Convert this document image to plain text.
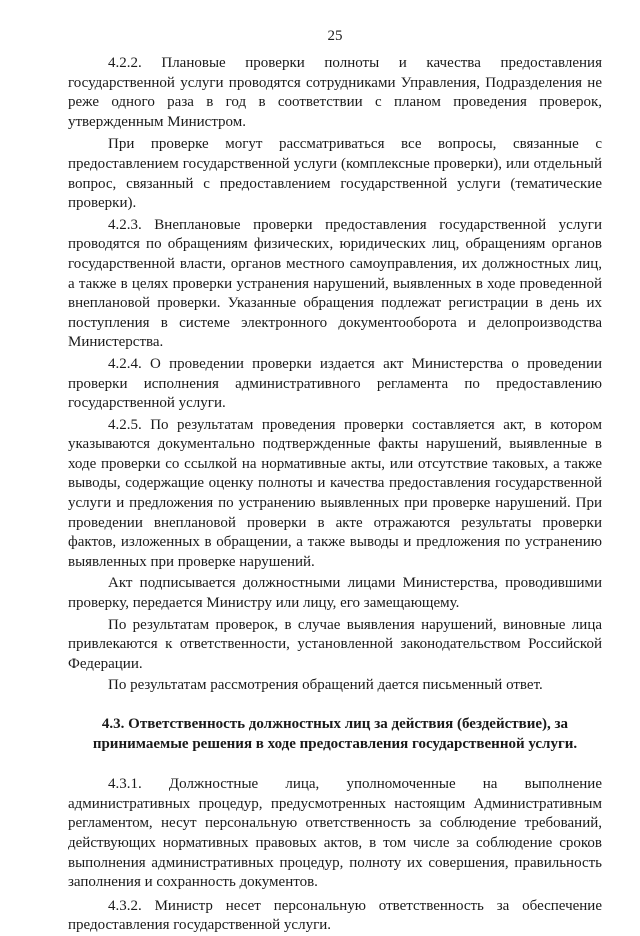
25

4.2.2. Плановые проверки полноты и качества предоставления государственной услуги проводятся сотрудниками Управления, Подразделения не реже одного раза в год в соответствии с планом проведения проверок, утвержденным Министром.

При проверке могут рассматриваться все вопросы, связанные с предоставлением государственной услуги (комплексные проверки), или отдельный вопрос, связанный с предоставлением государственной услуги (тематические проверки).

4.2.3. Внеплановые проверки предоставления государственной услуги проводятся по обращениям физических, юридических лиц, обращениям органов государственной власти, органов местного самоуправления, их должностных лиц, а также в целях проверки устранения нарушений, выявленных в ходе проведенной внеплановой проверки. Указанные обращения подлежат регистрации в день их поступления в системе электронного документооборота и делопроизводства Министерства.

4.2.4. О проведении проверки издается акт Министерства о проведении проверки исполнения административного регламента по предоставлению государственной услуги.

4.2.5. По результатам проведения проверки составляется акт, в котором указываются документально подтвержденные факты нарушений, выявленные в ходе проверки со ссылкой на нормативные акты, или отсутствие таковых, а также выводы, содержащие оценку полноты и качества предоставления государственной услуги и предложения по устранению выявленных при проверке нарушений. При проведении внеплановой проверки в акте отражаются результаты проверки фактов, изложенных в обращении, а также выводы и предложения по устранению выявленных при проверке нарушений.

Акт подписывается должностными лицами Министерства, проводившими проверку, передается Министру или лицу, его замещающему.

По результатам проверок, в случае выявления нарушений, виновные лица привлекаются к ответственности, установленной законодательством Российской Федерации.

По результатам рассмотрения обращений дается письменный ответ.

4.3. Ответственность должностных лиц за действия (бездействие), за принимаемые решения в ходе предоставления государственной услуги.

4.3.1. Должностные лица, уполномоченные на выполнение административных процедур, предусмотренных настоящим Административным регламентом, несут персональную ответственность за соблюдение требований, действующих нормативных правовых актов, в том числе за соблюдение сроков выполнения административных процедур, полноту их совершения, правильность заполнения и сохранность документов.

4.3.2. Министр несет персональную ответственность за обеспечение предоставления государственной услуги.
